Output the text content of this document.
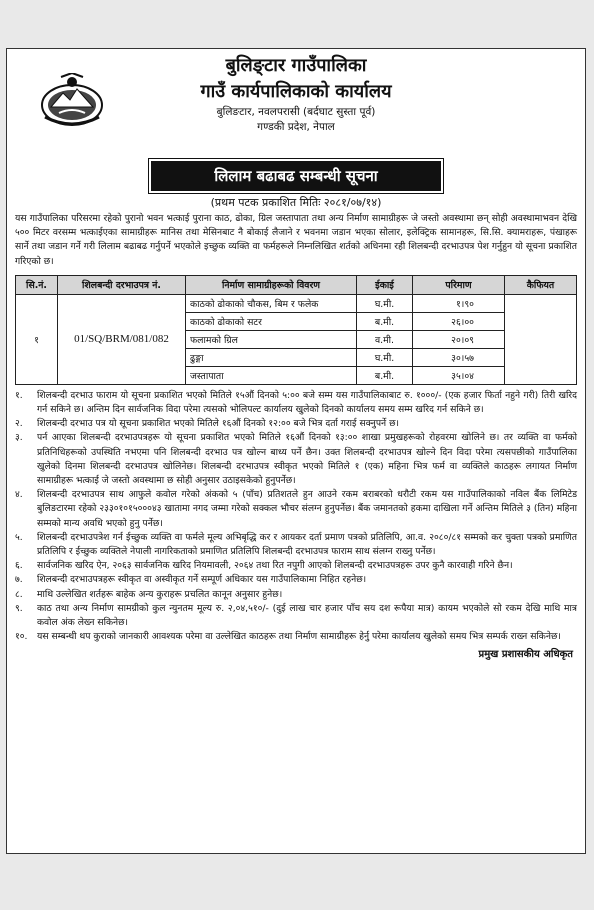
बुलिङ्टार गाउँपालिका
गाउँ कार्यपालिकाको कार्यालय
बुलिङटार, नवलपरासी (बर्दघाट सुस्ता पूर्व)
गण्डकी प्रदेश, नेपाल
लिलाम बढाबढ सम्बन्धी सूचना
(प्रथम पटक प्रकाशित मितिः २०८१/०७/१४)
यस गाउँपालिका परिसरमा रहेको पुरानो भवन भत्काई पुराना काठ, ढोका, ग्रिल जस्तापाता तथा अन्य निर्माण सामाग्रीहरू जे जस्तो अवस्थामा छन् सोही अवस्थामाभवन देखि ५०० मिटर वरसम्म भत्काईएका सामाग्रीहरू मानिस तथा मेसिनबाट नै बोकाई लैजाने र भवनमा जडान भएका सोलार, इलेक्ट्रिक सामानहरू, सि.सि. क्यामराहरू, पंखाहरू सार्ने तथा जडान गर्ने गरी लिलाम बढाबढ गर्नुपर्ने भएकोले इच्छुक व्यक्ति वा फर्महरूले निम्नलिखित शर्तको अधिनमा रही शिलबन्दी दरभाउपत्र पेश गर्नुहुन यो सूचना प्रकाशित गरिएको छ।
सि.नं.	शिलबन्दी दरभाउपत्र नं.	निर्माण सामाग्रीहरूको विवरण	ईकाई	परिमाण	कैफियत
१	01/SQ/BRM/081/082	काठको ढोकाको चौकस, बिम र फलेक	घ.मी.	१।९०	
		काठको ढोकाको सटर	ब.मी.	२६।००	
		फलामको ग्रिल	व.मी.	२०।०९	
		ढुङ्गा	घ.मी.	३०।५७	
		जस्तापाता	ब.मी.	३५।०४	
१.	शिलबन्दी दरभाउ फाराम यो सूचना प्रकाशित भएको मितिले १५औं दिनको ५:०० बजे सम्म यस गाउँपालिकाबाट रु. १०००/- (एक हजार फिर्ता नहुने गरी) तिरी खरिद गर्न सकिने छ। अन्तिम दिन सार्वजनिक विदा परेमा त्यसको भोलिपल्ट कार्यालय खुलेको दिनको कार्यालय समय सम्म खरिद गर्न सकिने छ।
२.	शिलबन्दी दरभाउ पत्र यो सूचना प्रकाशित भएको मितिले १६औं दिनको १२:०० बजे भित्र दर्ता गराई सक्नुपर्ने छ।
३.	पर्न आएका शिलबन्दी दरभाउपत्रहरू यो सूचना प्रकाशित भएको मितिले १६औं दिनको १३:०० शाखा प्रमुखहरूको रोहवरमा खोलिने छ। तर व्यक्ति वा फर्मको प्रतिनिधिहरूको उपस्थिति नभएमा पनि शिलबन्दी दरभाउ पत्र खोल्न बाध्य पर्ने छैन। उक्त शिलबन्दी दरभाउपत्र खोल्ने दिन विदा परेमा त्यसपछीको गाउँपालिका खुलेको दिनमा शिलबन्दी दरभाउपत्र खोलिनेछ। शिलबन्दी दरभाउपत्र स्वीकृत भएको मितिले १ (एक) महिना भित्र फर्म वा व्यक्तिले काठहरू लगायत निर्माण सामाग्रीहरू भत्काई जे जस्तो अवस्थामा छ सोही अनुसार उठाइसकेको हुनुपर्नेछ।
४.	शिलबन्दी दरभाउपत्र साथ आफुले कवोल गरेको अंकको ५ (पाँच) प्रतिशतले हुन आउने रकम बराबरको धरौटी रकम यस गाउँपालिकाको नविल बैंक लिमिटेड बुलिङटारमा रहेको २३३०१०१५०००४३ खातामा नगद जम्मा गरेको सक्कल भौचर संलग्न हुनुपर्नेछ। बैंक जमानतको हकमा दाखिला गर्ने अन्तिम मितिले ३ (तिन) महिना सम्मको मान्य अवधि भएको हुनु पर्नेछ।
५.	शिलबन्दी दरभाउपत्रेश गर्न ईच्छुक व्यक्ति वा फर्मले मूल्य अभिबृद्धि कर र आयकर दर्ता प्रमाण पत्रको प्रतिलिपि, आ.व. २०८०/८१ सम्मको कर चुक्ता पत्रको प्रमाणित प्रतिलिपि र ईच्छुक व्यक्तिले नेपाली नागरिकताको प्रमाणित प्रतिलिपि शिलबन्दी दरभाउपत्र फाराम साथ संलग्न राख्नु पर्नेछ।
६.	सार्वजनिक खरिद ऐन, २०६३ सार्वजनिक खरिद नियमावली, २०६४ तथा रित नपुगी आएको शिलबन्दी दरभाउपत्रहरू उपर कुनै कारवाही गरिने छैन।
७.	शिलबन्दी दरभाउपत्रहरू स्वीकृत वा अस्वीकृत गर्ने सम्पूर्ण अधिकार यस गाउँपालिकामा निहित रहनेछ।
८.	माथि उल्लेखित शर्तहरू बाहेक अन्य कुराहरू प्रचलित कानून अनुसार हुनेछ।
९.	काठ तथा अन्य निर्माण सामग्रीको कुल न्युनतम मूल्य रु. २,०४,५१०/- (दुई लाख चार हजार पाँच सय दश रूपैया मात्र) कायम भएकोले सो रकम देखि माथि मात्र कवोल अंक लेख्न सकिनेछ।
१०.	यस सम्बन्धी थप कुराको जानकारी आवश्यक परेमा वा उल्लेखित काठहरू तथा निर्माण सामाग्रीहरू हेर्नु परेमा कार्यालय खुलेको समय भित्र सम्पर्क राख्न सकिनेछ।
प्रमुख प्रशासकीय अधिकृत
